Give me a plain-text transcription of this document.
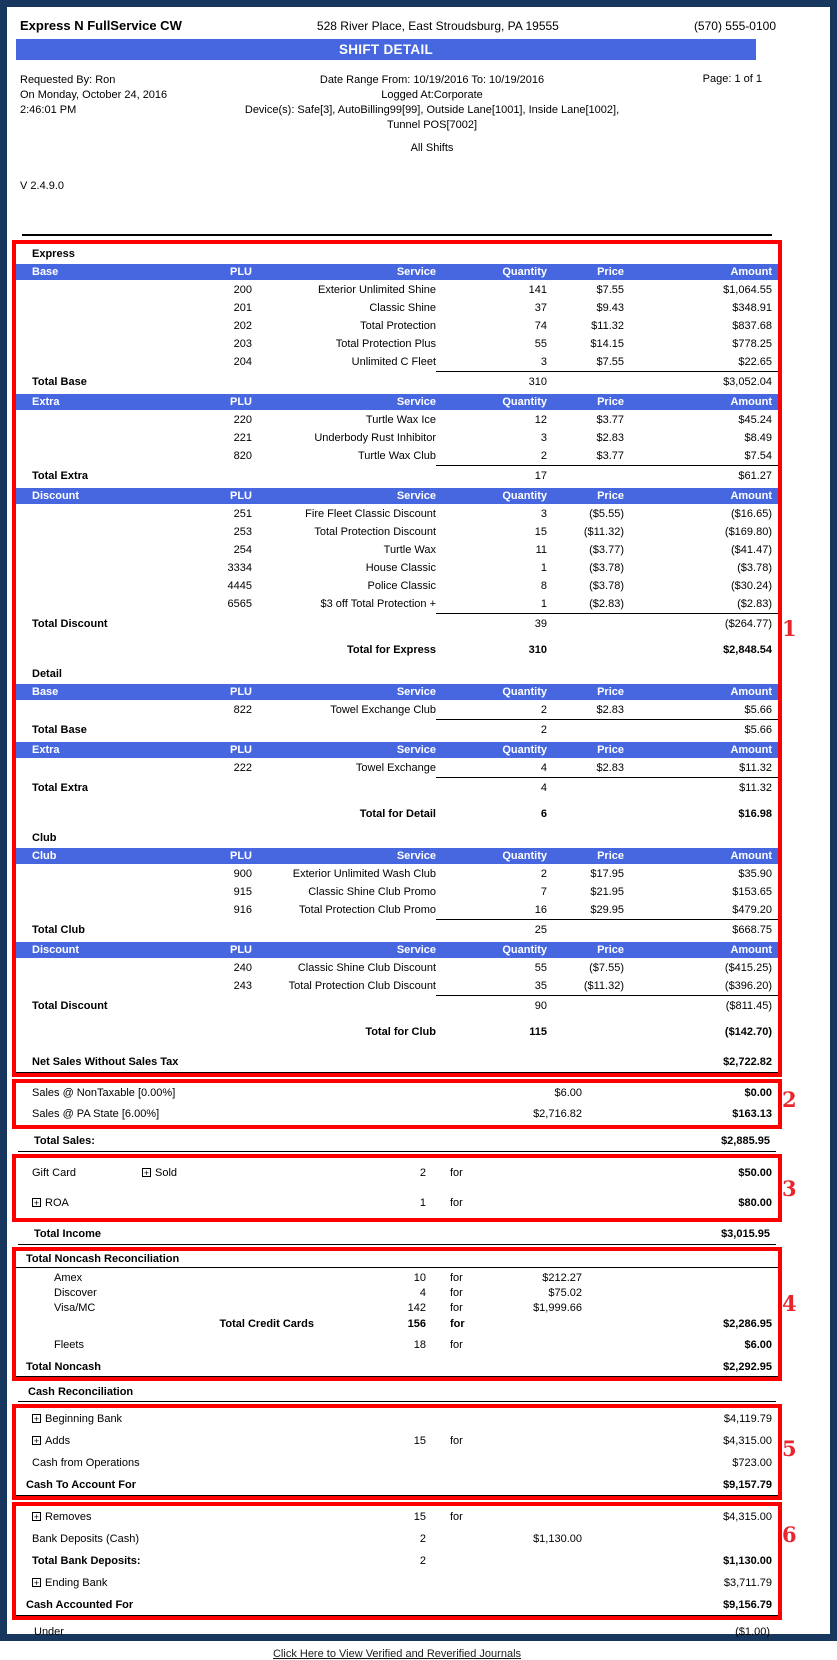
Express N FullService CW	528 River Place, East Stroudsburg, PA 19555	(570) 555-0100
SHIFT DETAIL
Requested By: Ron
On Monday, October 24, 2016
2:46:01 PM
Date Range From: 10/19/2016 To: 10/19/2016
Logged At:Corporate
Device(s): Safe[3], AutoBilling99[99], Outside Lane[1001], Inside Lane[1002],
Tunnel POS[7002]
All Shifts
Page: 1 of 1
V 2.4.9.0
1
Express
Base	PLU	Service	Quantity	Price	Amount
200	Exterior Unlimited Shine	141	$7.55	$1,064.55
201	Classic Shine	37	$9.43	$348.91
202	Total Protection	74	$11.32	$837.68
203	Total Protection Plus	55	$14.15	$778.25
204	Unlimited C Fleet	3	$7.55	$22.65
Total Base	310	$3,052.04
Extra	PLU	Service	Quantity	Price	Amount
220	Turtle Wax Ice	12	$3.77	$45.24
221	Underbody Rust Inhibitor	3	$2.83	$8.49
820	Turtle Wax Club	2	$3.77	$7.54
Total Extra	17	$61.27
Discount	PLU	Service	Quantity	Price	Amount
251	Fire Fleet Classic Discount	3	($5.55)	($16.65)
253	Total Protection Discount	15	($11.32)	($169.80)
254	Turtle Wax	11	($3.77)	($41.47)
3334	House Classic	1	($3.78)	($3.78)
4445	Police Classic	8	($3.78)	($30.24)
6565	$3 off Total Protection +	1	($2.83)	($2.83)
Total Discount	39	($264.77)
Total for Express	310	$2,848.54
Detail
Base	PLU	Service	Quantity	Price	Amount
822	Towel Exchange Club	2	$2.83	$5.66
Total Base	2	$5.66
Extra	PLU	Service	Quantity	Price	Amount
222	Towel Exchange	4	$2.83	$11.32
Total Extra	4	$11.32
Total for Detail	6	$16.98
Club
Club	PLU	Service	Quantity	Price	Amount
900	Exterior Unlimited Wash Club	2	$17.95	$35.90
915	Classic Shine Club Promo	7	$21.95	$153.65
916	Total Protection Club Promo	16	$29.95	$479.20
Total Club	25	$668.75
Discount	PLU	Service	Quantity	Price	Amount
240	Classic Shine Club Discount	55	($7.55)	($415.25)
243	Total Protection Club Discount	35	($11.32)	($396.20)
Total Discount	90	($811.45)
Total for Club	115	($142.70)
Net Sales Without Sales Tax	$2,722.82
2
Sales @ NonTaxable [0.00%]	$6.00	$0.00
Sales @ PA State [6.00%]	$2,716.82	$163.13
Total Sales:	$2,885.95
3
Gift Card +	Sold	2	for	$50.00
+ROA	1	for	$80.00
Total Income	$3,015.95
4
Total Noncash Reconciliation
Amex	10	for	$212.27
Discover	4	for	$75.02
Visa/MC	142	for	$1,999.66
Total Credit Cards	156	for	$2,286.95
Fleets	18	for	$6.00
Total Noncash	$2,292.95
Cash Reconciliation
5
+Beginning Bank	$4,119.79
+Adds	15	for	$4,315.00
Cash from Operations	$723.00
Cash To Account For	$9,157.79
6
+Removes	15	for	$4,315.00
Bank Deposits (Cash)	2	$1,130.00
Total Bank Deposits:	2	$1,130.00
+Ending Bank	$3,711.79
Cash Accounted For	$9,156.79
Under	($1.00)
Click Here to View Verified and Reverified Journals
